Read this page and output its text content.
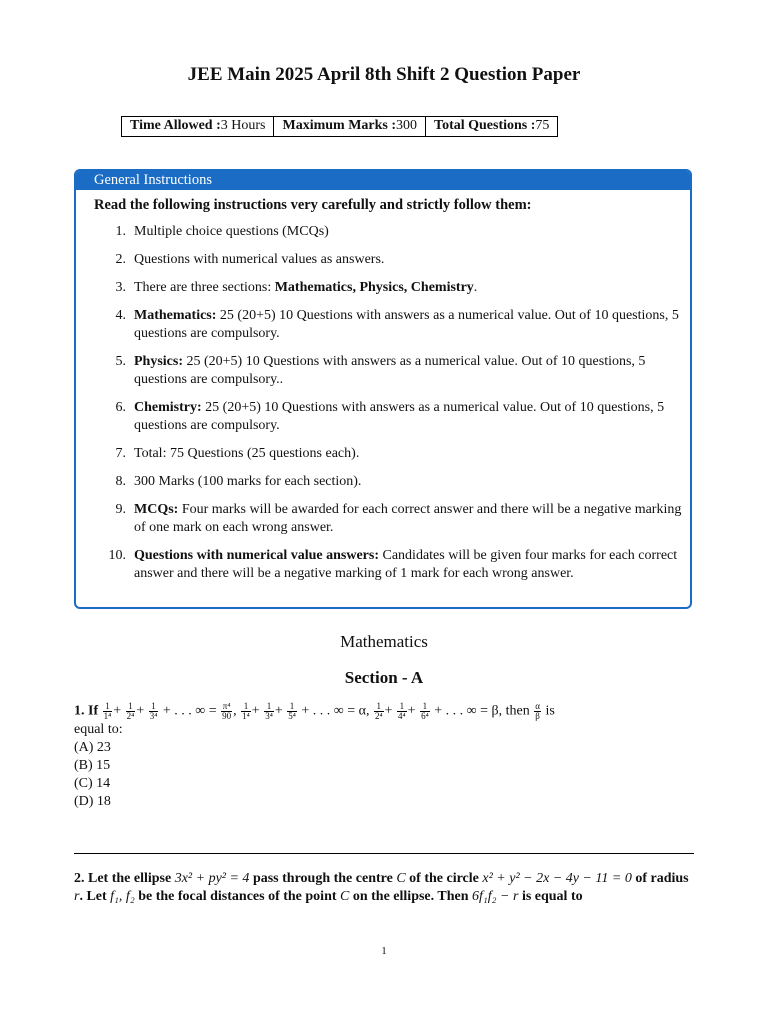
JEE Main 2025 April 8th Shift 2 Question Paper
Time Allowed :3 Hours	Maximum Marks :300	Total Questions :75
General Instructions
Read the following instructions very carefully and strictly follow them:
1. Multiple choice questions (MCQs)
2. Questions with numerical values as answers.
3. There are three sections: Mathematics, Physics, Chemistry.
4. Mathematics: 25 (20+5) 10 Questions with answers as a numerical value. Out of 10 questions, 5 questions are compulsory.
5. Physics: 25 (20+5) 10 Questions with answers as a numerical value. Out of 10 questions, 5 questions are compulsory..
6. Chemistry: 25 (20+5) 10 Questions with answers as a numerical value. Out of 10 questions, 5 questions are compulsory.
7. Total: 75 Questions (25 questions each).
8. 300 Marks (100 marks for each section).
9. MCQs: Four marks will be awarded for each correct answer and there will be a negative marking of one mark on each wrong answer.
10. Questions with numerical value answers: Candidates will be given four marks for each correct answer and there will be a negative marking of 1 mark for each wrong answer.
Mathematics
Section - A
1. If $\frac{1}{\text{1⁴}} + \frac{1}{\text{2⁴}} + \frac{1}{\text{3⁴}}$ + . . . ∞ = $\frac{\text{π⁴}}{90}$ , $\frac{1}{\text{1⁴}} + \frac{1}{\text{3⁴}} + \frac{1}{\text{5⁴}}$ + . . . ∞ = α, $\frac{1}{\text{2⁴}} + \frac{1}{\text{4⁴}} + \frac{1}{\text{6⁴}}$ + . . . ∞ = β, then $\frac{\alpha}{\beta}$ is
equal to:
(A) 23
(B) 15
(C) 14
(D) 18
2. Let the ellipse 3x² + py² = 4 pass through the centre C of the circle x² + y² − 2x − 4y − 11 = 0 of radius r. Let f₁, f₂ be the focal distances of the point C on the ellipse. Then 6f₁f₂ − r is equal to
1
